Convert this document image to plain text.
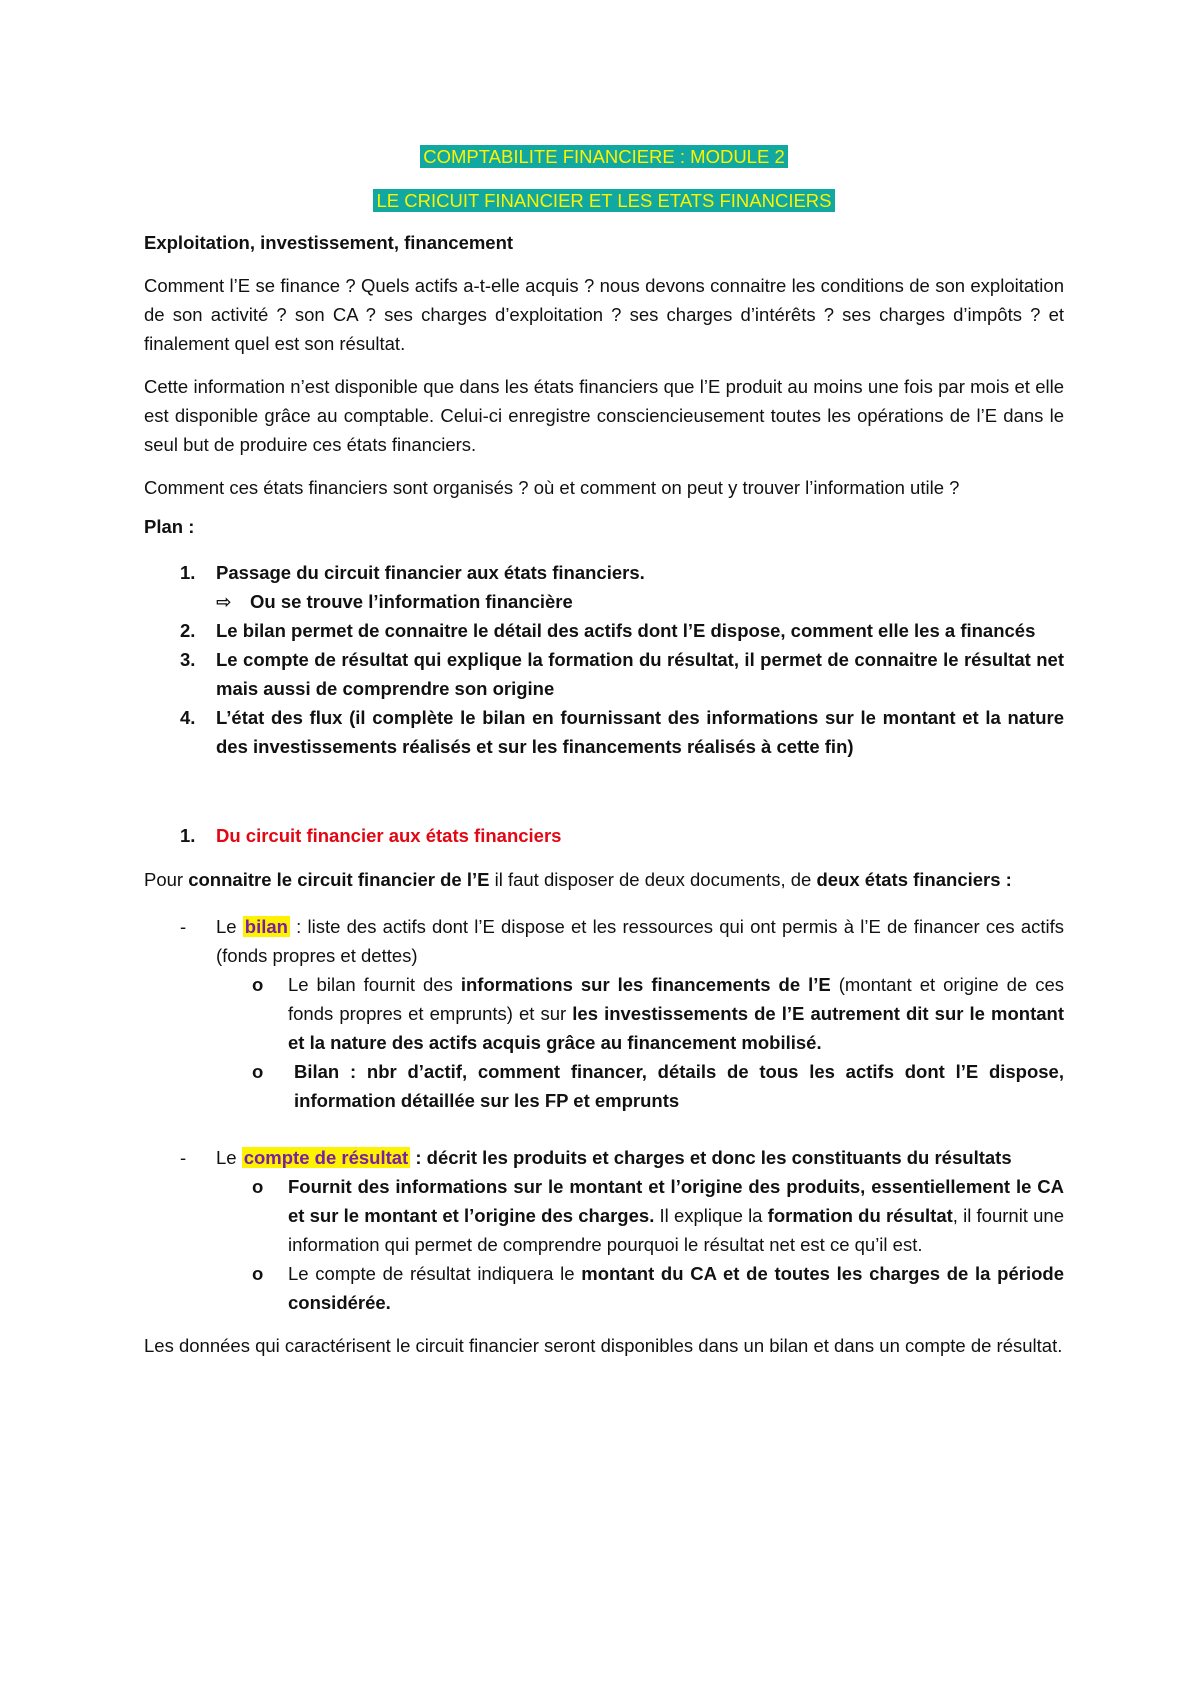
COMPTABILITE FINANCIERE : MODULE 2

LE CRICUIT FINANCIER ET LES ETATS FINANCIERS

Exploitation, investissement, financement

Comment l’E se finance ? Quels actifs a-t-elle acquis ? nous devons connaitre les conditions de son exploitation de son activité ? son CA ? ses charges d’exploitation ? ses charges d’intérêts ? ses charges d’impôts ? et finalement quel est son résultat.

Cette information n’est disponible que dans les états financiers que l’E produit au moins une fois par mois et elle est disponible grâce au comptable. Celui-ci enregistre consciencieusement toutes les opérations de l’E dans le seul but de produire ces états financiers.

Comment ces états financiers sont organisés ? où et comment on peut y trouver l’information utile ?

Plan :

1.	Passage du circuit financier aux états financiers.
⇨ Ou se trouve l’information financière
2.	Le bilan permet de connaitre le détail des actifs dont l’E dispose, comment elle les a financés
3.	Le compte de résultat qui explique la formation du résultat, il permet de connaitre le résultat net mais aussi de comprendre son origine
4.	L’état des flux (il complète le bilan en fournissant des informations sur le montant et la nature des investissements réalisés et sur les financements réalisés à cette fin)
1.	Du circuit financier aux états financiers

Pour connaitre le circuit financier de l’E il faut disposer de deux documents, de deux états financiers :

-	Le bilan : liste des actifs dont l’E dispose et les ressources qui ont permis à l’E de financer ces actifs (fonds propres et dettes)
o	Le bilan fournit des informations sur les financements de l’E (montant et origine de ces fonds propres et emprunts) et sur les investissements de l’E autrement dit sur le montant et la nature des actifs acquis grâce au financement mobilisé.
o	Bilan : nbr d’actif, comment financer, détails de tous les actifs dont l’E dispose, information détaillée sur les FP et emprunts
-	Le compte de résultat : décrit les produits et charges et donc les constituants du résultats
o	Fournit des informations sur le montant et l’origine des produits, essentiellement le CA et sur le montant et l’origine des charges. Il explique la formation du résultat, il fournit une information qui permet de comprendre pourquoi le résultat net est ce qu’il est.
o	Le compte de résultat indiquera le montant du CA et de toutes les charges de la période considérée.

Les données qui caractérisent le circuit financier seront disponibles dans un bilan et dans un compte de résultat.
